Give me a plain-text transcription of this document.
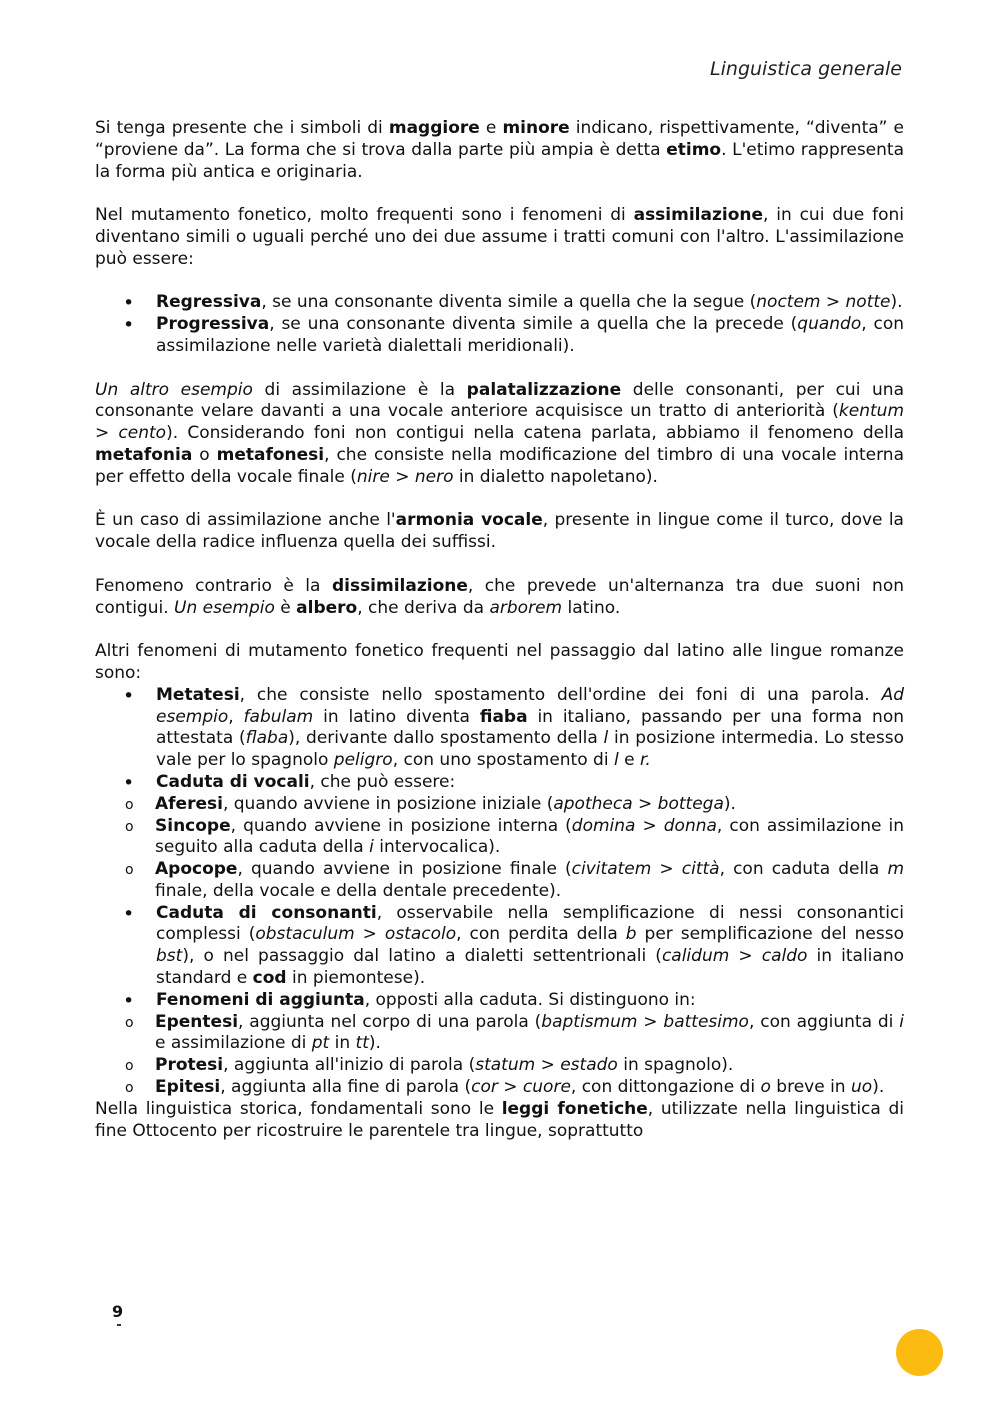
Linguistica generale

Si tenga presente che i simboli di maggiore e minore indicano, rispettivamente, “diventa” e “proviene da”. La forma che si trova dalla parte più ampia è detta etimo. L'etimo rappresenta la forma più antica e originaria.

Nel mutamento fonetico, molto frequenti sono i fenomeni di assimilazione, in cui due foni diventano simili o uguali perché uno dei due assume i tratti comuni con l'altro. L'assimilazione può essere:

• Regressiva, se una consonante diventa simile a quella che la segue (noctem > notte).
• Progressiva, se una consonante diventa simile a quella che la precede (quando, con assimilazione nelle varietà dialettali meridionali).

Un altro esempio di assimilazione è la palatalizzazione delle consonanti, per cui una consonante velare davanti a una vocale anteriore acquisisce un tratto di anteriorità (kentum > cento). Considerando foni non contigui nella catena parlata, abbiamo il fenomeno della metafonia o metafonesi, che consiste nella modificazione del timbro di una vocale interna per effetto della vocale finale (nire > nero in dialetto napoletano).

È un caso di assimilazione anche l'armonia vocale, presente in lingue come il turco, dove la vocale della radice influenza quella dei suffissi.

Fenomeno contrario è la dissimilazione, che prevede un'alternanza tra due suoni non contigui. Un esempio è albero, che deriva da arborem latino.

Altri fenomeni di mutamento fonetico frequenti nel passaggio dal latino alle lingue romanze sono:

• Metatesi, che consiste nello spostamento dell'ordine dei foni di una parola. Ad esempio, fabulam in latino diventa fiaba in italiano, passando per una forma non attestata (flaba), derivante dallo spostamento della l in posizione intermedia. Lo stesso vale per lo spagnolo peligro, con uno spostamento di l e r.
• Caduta di vocali, che può essere:
o Aferesi, quando avviene in posizione iniziale (apotheca > bottega).
o Sincope, quando avviene in posizione interna (domina > donna, con assimilazione in seguito alla caduta della i intervocalica).
o Apocope, quando avviene in posizione finale (civitatem > città, con caduta della m finale, della vocale e della dentale precedente).
• Caduta di consonanti, osservabile nella semplificazione di nessi consonantici complessi (obstaculum > ostacolo, con perdita della b per semplificazione del nesso bst), o nel passaggio dal latino a dialetti settentrionali (calidum > caldo in italiano standard e cod in piemontese).
• Fenomeni di aggiunta, opposti alla caduta. Si distinguono in:
o Epentesi, aggiunta nel corpo di una parola (baptismum > battesimo, con aggiunta di i e assimilazione di pt in tt).
o Protesi, aggiunta all'inizio di parola (statum > estado in spagnolo).
o Epitesi, aggiunta alla fine di parola (cor > cuore, con dittongazione di o breve in uo).

Nella linguistica storica, fondamentali sono le leggi fonetiche, utilizzate nella linguistica di fine Ottocento per ricostruire le parentele tra lingue, soprattutto

9
